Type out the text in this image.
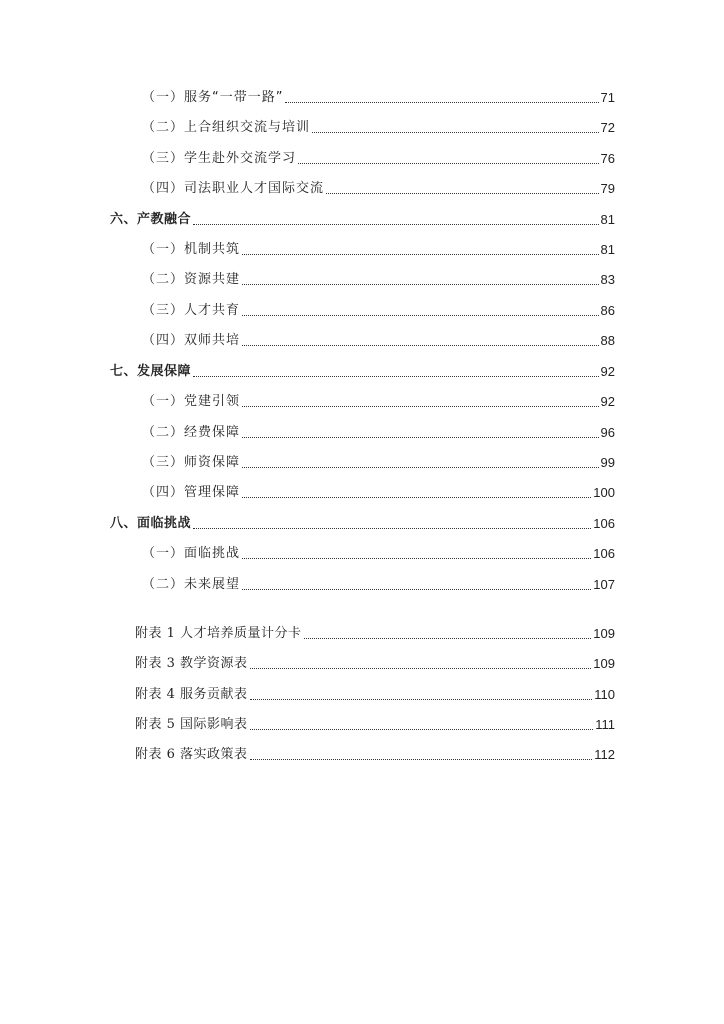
（一）服务“一带一路”	71
（二）上合组织交流与培训	72
（三）学生赴外交流学习	76
（四）司法职业人才国际交流	79
六、产教融合	81
（一）机制共筑	81
（二）资源共建	83
（三）人才共育	86
（四）双师共培	88
七、发展保障	92
（一）党建引领	92
（二）经费保障	96
（三）师资保障	99
（四）管理保障	100
八、面临挑战	106
（一）面临挑战	106
（二）未来展望	107
附表 1 人才培养质量计分卡	109
附表 3 教学资源表	109
附表 4 服务贡献表	110
附表 5 国际影响表	111
附表 6 落实政策表	112
